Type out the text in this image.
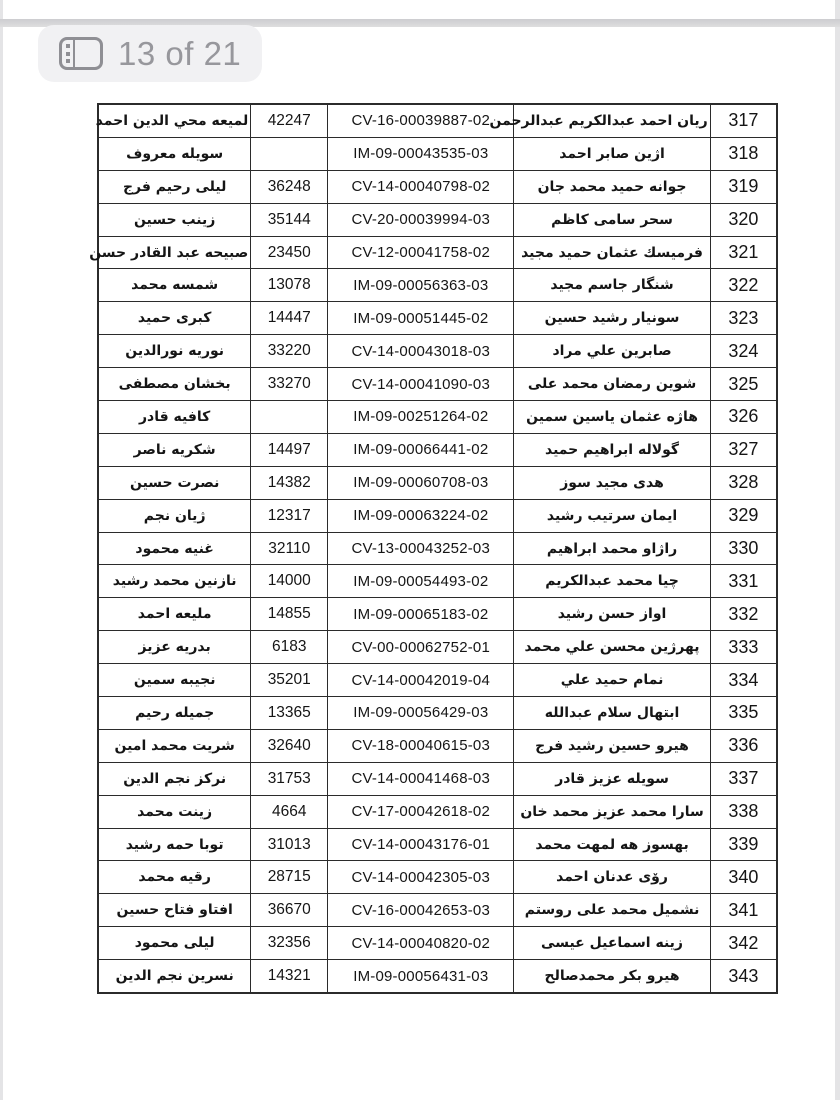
13 of 21
لميعه محي الدين احمد	42247	CV-16-00039887-02	ريان احمد عبدالكريم عبدالرحمن	317
سويله معروف		IM-09-00043535-03	اژين صابر احمد	318
ليلى رحيم فرج	36248	CV-14-00040798-02	جوانه حميد محمد جان	319
زينب حسين	35144	CV-20-00039994-03	سحر سامى كاظم	320
صبيحه عبد القادر حسن	23450	CV-12-00041758-02	فرميسك عثمان حميد مجيد	321
شمسه محمد	13078	IM-09-00056363-03	شنگار جاسم مجيد	322
كبرى حميد	14447	IM-09-00051445-02	سونيار رشيد حسين	323
نوريه نورالدين	33220	CV-14-00043018-03	صابرين علي مراد	324
بخشان مصطفى	33270	CV-14-00041090-03	شوين رمضان محمد على	325
كافيه قادر		IM-09-00251264-02	هاژه عثمان ياسين سمين	326
شكريه ناصر	14497	IM-09-00066441-02	گولاله ابراهيم حميد	327
نصرت حسين	14382	IM-09-00060708-03	هدى مجيد سوز	328
ژيان نجم	12317	IM-09-00063224-02	ايمان سرتيب رشيد	329
غنيه محمود	32110	CV-13-00043252-03	راژاو محمد ابراهيم	330
نازنين محمد رشيد	14000	IM-09-00054493-02	چيا محمد عبدالكريم	331
مليعه احمد	14855	IM-09-00065183-02	اواز حسن رشيد	332
بدريه عزيز	6183	CV-00-00062752-01	پهرژين محسن علي محمد	333
نجيبه سمين	35201	CV-14-00042019-04	نمام حميد علي	334
جميله رحيم	13365	IM-09-00056429-03	ابتهال سلام عبدالله	335
شريت محمد امين	32640	CV-18-00040615-03	هيرو حسين رشيد فرج	336
نركز نجم الدين	31753	CV-14-00041468-03	سويله عزيز قادر	337
زينت محمد	4664	CV-17-00042618-02	سارا محمد عزيز محمد خان	338
توبا حمه رشيد	31013	CV-14-00043176-01	بهسوز هه لمهت محمد	339
رقيه محمد	28715	CV-14-00042305-03	رۆى عدنان احمد	340
افتاو فتاح حسين	36670	CV-16-00042653-03	نشميل محمد على روستم	341
ليلى محمود	32356	CV-14-00040820-02	زينه اسماعيل عيسى	342
نسرين نجم الدين	14321	IM-09-00056431-03	هيرو بكر محمدصالح	343
